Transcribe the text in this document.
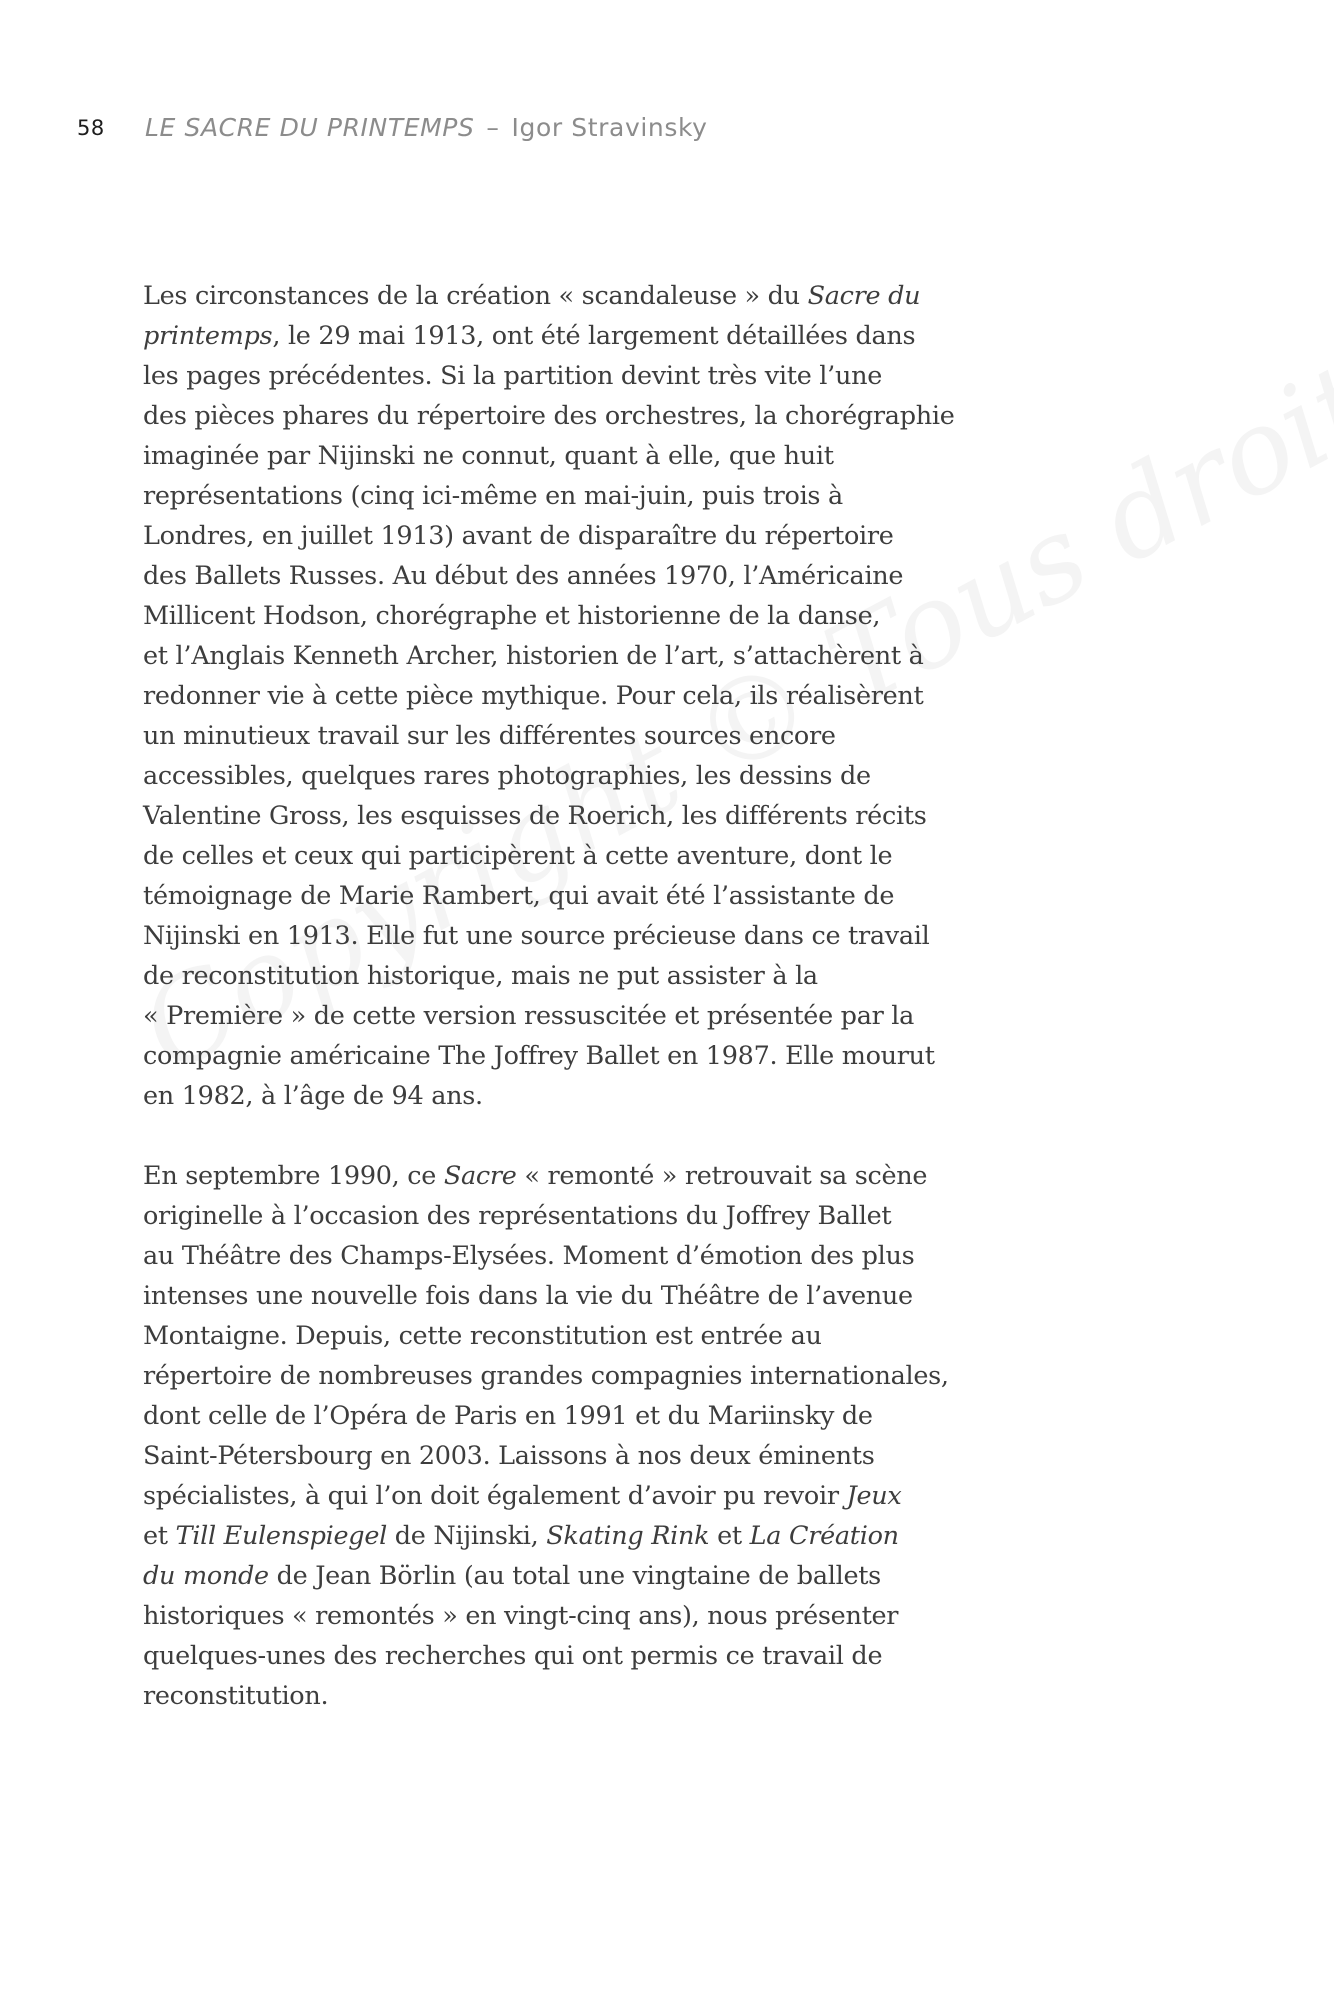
58 LE SACRE DU PRINTEMPS – Igor Stravinsky
Les circonstances de la création « scandaleuse » du Sacre du
printemps, le 29 mai 1913, ont été largement détaillées dans
les pages précédentes. Si la partition devint très vite l’une
des pièces phares du répertoire des orchestres, la chorégraphie
imaginée par Nijinski ne connut, quant à elle, que huit
représentations (cinq ici-même en mai-juin, puis trois à
Londres, en juillet 1913) avant de disparaître du répertoire
des Ballets Russes. Au début des années 1970, l’Américaine
Millicent Hodson, chorégraphe et historienne de la danse,
et l’Anglais Kenneth Archer, historien de l’art, s’attachèrent à
redonner vie à cette pièce mythique. Pour cela, ils réalisèrent
un minutieux travail sur les différentes sources encore
accessibles, quelques rares photographies, les dessins de
Valentine Gross, les esquisses de Roerich, les différents récits
de celles et ceux qui participèrent à cette aventure, dont le
témoignage de Marie Rambert, qui avait été l’assistante de
Nijinski en 1913. Elle fut une source précieuse dans ce travail
de reconstitution historique, mais ne put assister à la
« Première » de cette version ressuscitée et présentée par la
compagnie américaine The Joffrey Ballet en 1987. Elle mourut
en 1982, à l’âge de 94 ans.
En septembre 1990, ce Sacre « remonté » retrouvait sa scène
originelle à l’occasion des représentations du Joffrey Ballet
au Théâtre des Champs-Elysées. Moment d’émotion des plus
intenses une nouvelle fois dans la vie du Théâtre de l’avenue
Montaigne. Depuis, cette reconstitution est entrée au
répertoire de nombreuses grandes compagnies internationales,
dont celle de l’Opéra de Paris en 1991 et du Mariinsky de
Saint-Pétersbourg en 2003. Laissons à nos deux éminents
spécialistes, à qui l’on doit également d’avoir pu revoir Jeux
et Till Eulenspiegel de Nijinski, Skating Rink et La Création
du monde de Jean Börlin (au total une vingtaine de ballets
historiques « remontés » en vingt-cinq ans), nous présenter
quelques-unes des recherches qui ont permis ce travail de
reconstitution.
